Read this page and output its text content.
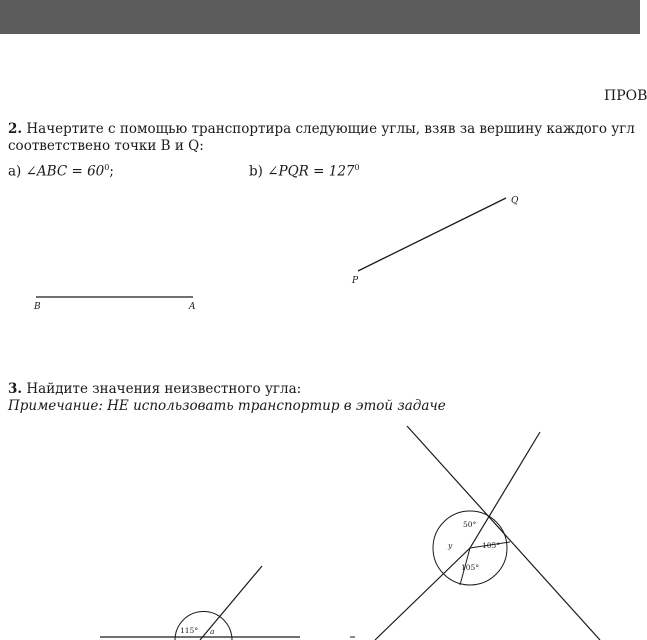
ПРОВ
2. Начертите с помощью транспортира следующие углы, взяв за вершину каждого угл
соответствено точки B и Q:
a) ∠ABC = $60^0$;	b) ∠PQR = $127^0$
Q
P
B	A
3. Найдите значения неизвестного угла:
Примечание: НЕ использовать транспортир в этой задаче
50°
105°
105°
y
115° a
